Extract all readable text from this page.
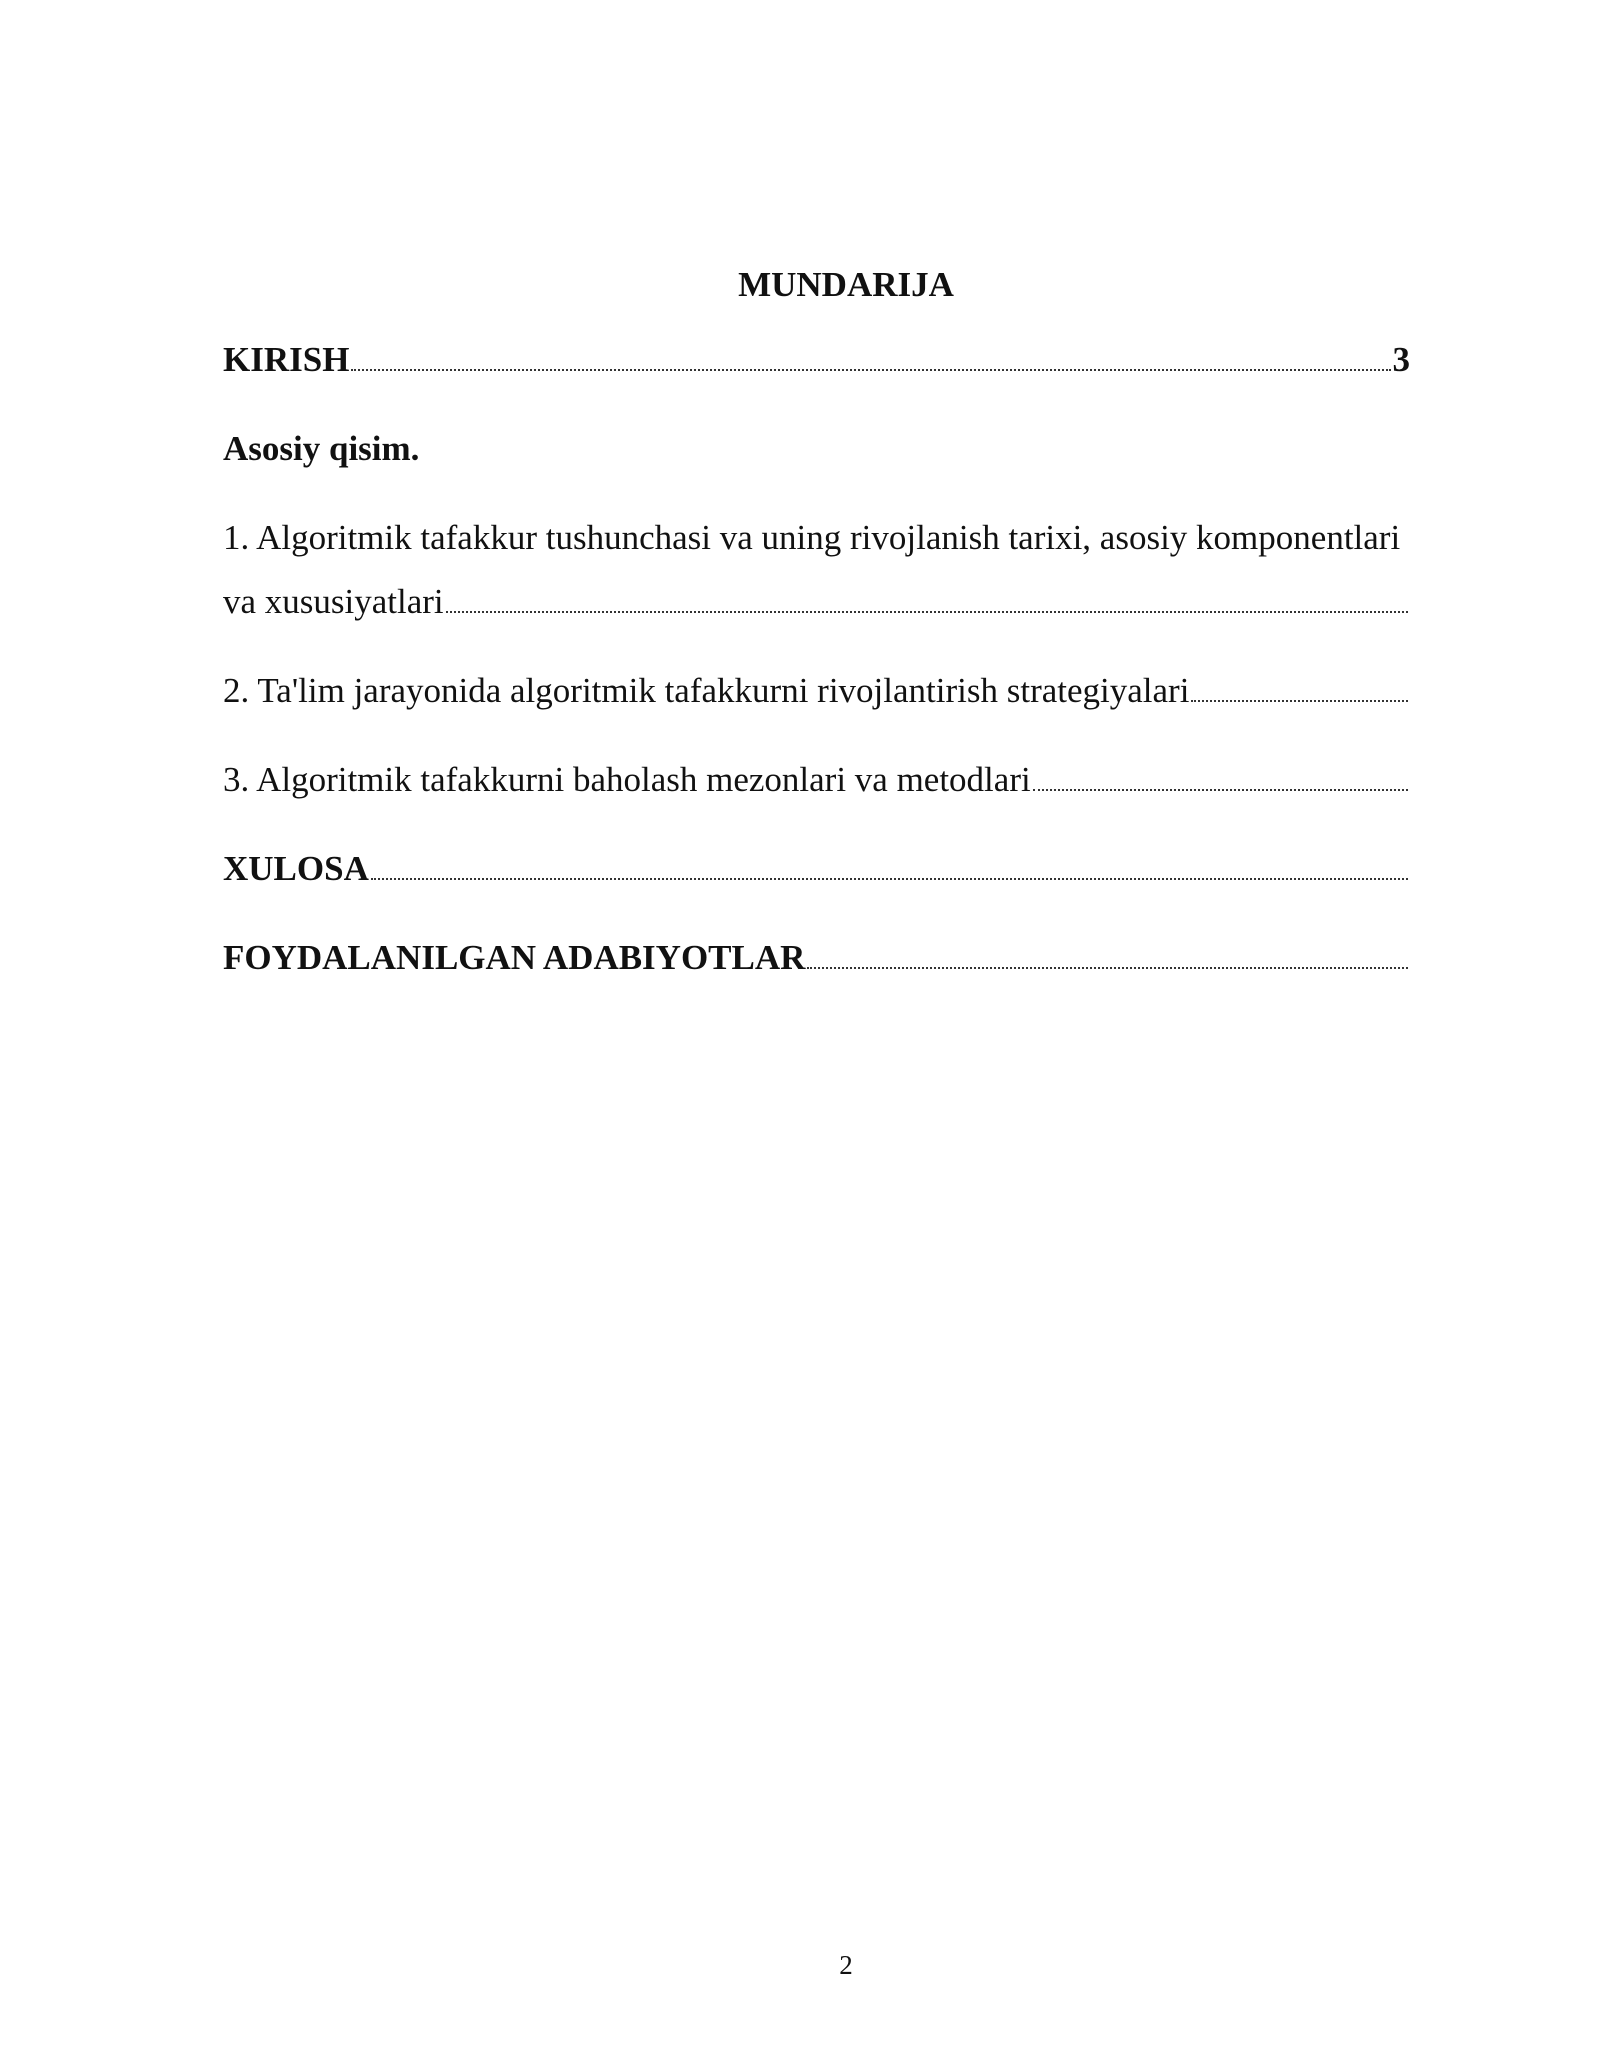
MUNDARIJA
KIRISH	3
Asosiy qisim.
1. Algoritmik tafakkur tushunchasi va uning rivojlanish tarixi, asosiy komponentlari
va xususiyatlari
2. Ta'lim jarayonida algoritmik tafakkurni rivojlantirish strategiyalari
3. Algoritmik tafakkurni baholash mezonlari va metodlari
XULOSA
FOYDALANILGAN ADABIYOTLAR
2
